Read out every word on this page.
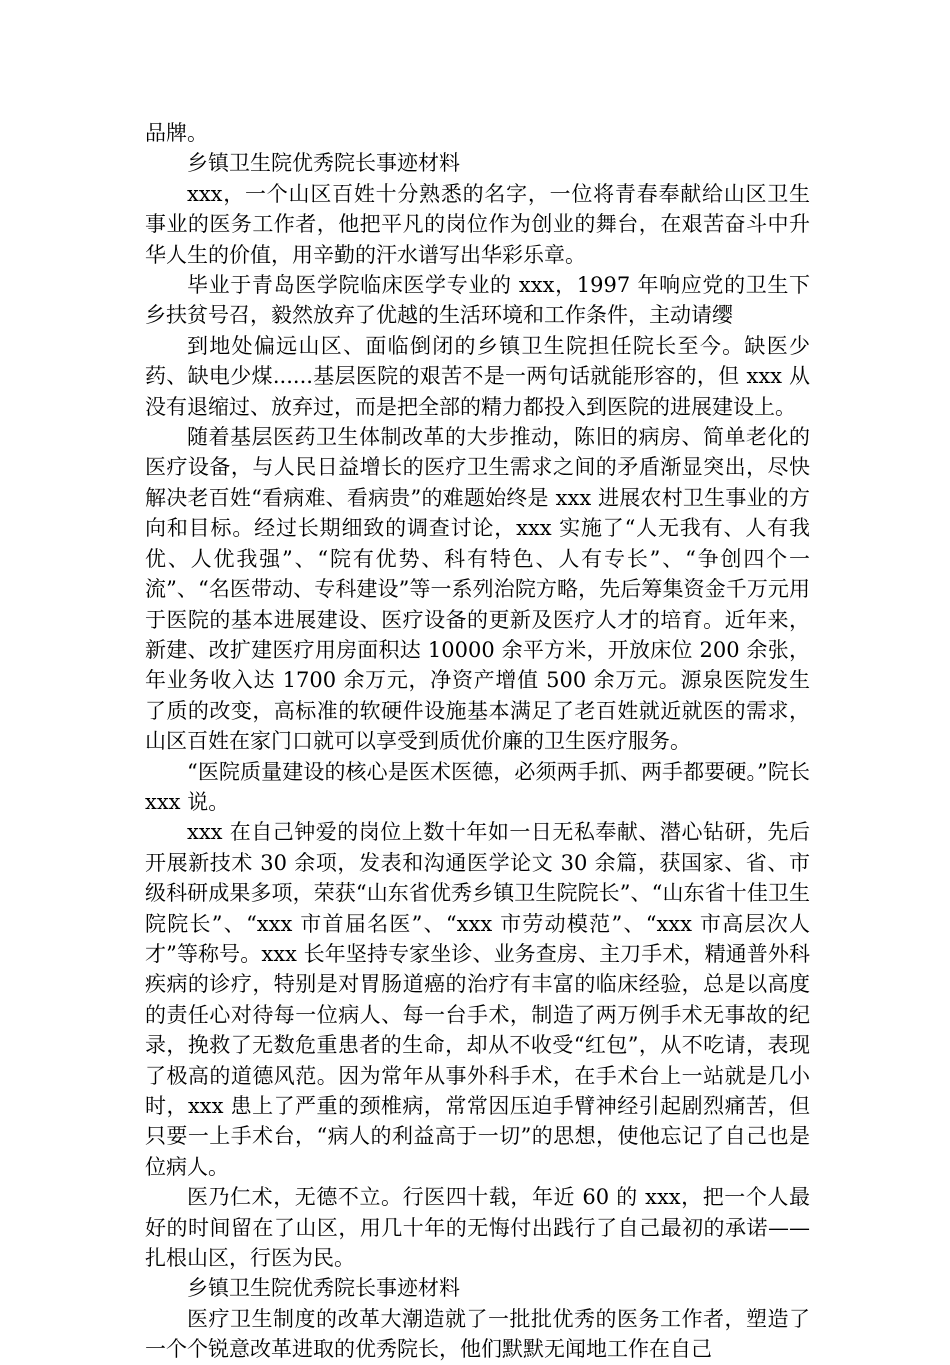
品牌。

乡镇卫生院优秀院长事迹材料

xxx，一个山区百姓十分熟悉的名字，一位将青春奉献给山区卫生事业的医务工作者，他把平凡的岗位作为创业的舞台，在艰苦奋斗中升华人生的价值，用辛勤的汗水谱写出华彩乐章。

毕业于青岛医学院临床医学专业的 xxx，1997 年响应党的卫生下乡扶贫号召，毅然放弃了优越的生活环境和工作条件，主动请缨

到地处偏远山区、面临倒闭的乡镇卫生院担任院长至今。缺医少药、缺电少煤......基层医院的艰苦不是一两句话就能形容的，但 xxx 从没有退缩过、放弃过，而是把全部的精力都投入到医院的进展建设上。

随着基层医药卫生体制改革的大步推动，陈旧的病房、简单老化的医疗设备，与人民日益增长的医疗卫生需求之间的矛盾渐显突出，尽快解决老百姓“看病难、看病贵”的难题始终是 xxx 进展农村卫生事业的方向和目标。经过长期细致的调查讨论，xxx 实施了“人无我有、人有我优、人优我强”、“院有优势、科有特色、人有专长”、“争创四个一流”、“名医带动、专科建设”等一系列治院方略，先后筹集资金千万元用于医院的基本进展建设、医疗设备的更新及医疗人才的培育。近年来，新建、改扩建医疗用房面积达 10000 余平方米，开放床位 200 余张，年业务收入达 1700 余万元，净资产增值 500 余万元。源泉医院发生了质的改变，高标准的软硬件设施基本满足了老百姓就近就医的需求，山区百姓在家门口就可以享受到质优价廉的卫生医疗服务。

“医院质量建设的核心是医术医德，必须两手抓、两手都要硬。”院长 xxx 说。

xxx 在自己钟爱的岗位上数十年如一日无私奉献、潜心钻研，先后开展新技术 30 余项，发表和沟通医学论文 30 余篇，获国家、省、市级科研成果多项，荣获“山东省优秀乡镇卫生院院长”、“山东省十佳卫生院院长”、“xxx 市首届名医”、“xxx 市劳动模范”、“xxx 市高层次人才”等称号。xxx 长年坚持专家坐诊、业务查房、主刀手术，精通普外科疾病的诊疗，特别是对胃肠道癌的治疗有丰富的临床经验，总是以高度的责任心对待每一位病人、每一台手术，制造了两万例手术无事故的纪录，挽救了无数危重患者的生命，却从不收受“红包”，从不吃请，表现了极高的道德风范。因为常年从事外科手术，在手术台上一站就是几小时，xxx 患上了严重的颈椎病，常常因压迫手臂神经引起剧烈痛苦，但只要一上手术台，“病人的利益高于一切”的思想，使他忘记了自己也是位病人。

医乃仁术，无德不立。行医四十载，年近 60 的 xxx，把一个人最好的时间留在了山区，用几十年的无悔付出践行了自己最初的承诺——扎根山区，行医为民。

乡镇卫生院优秀院长事迹材料

医疗卫生制度的改革大潮造就了一批批优秀的医务工作者，塑造了一个个锐意改革进取的优秀院长，他们默默无闻地工作在自己
